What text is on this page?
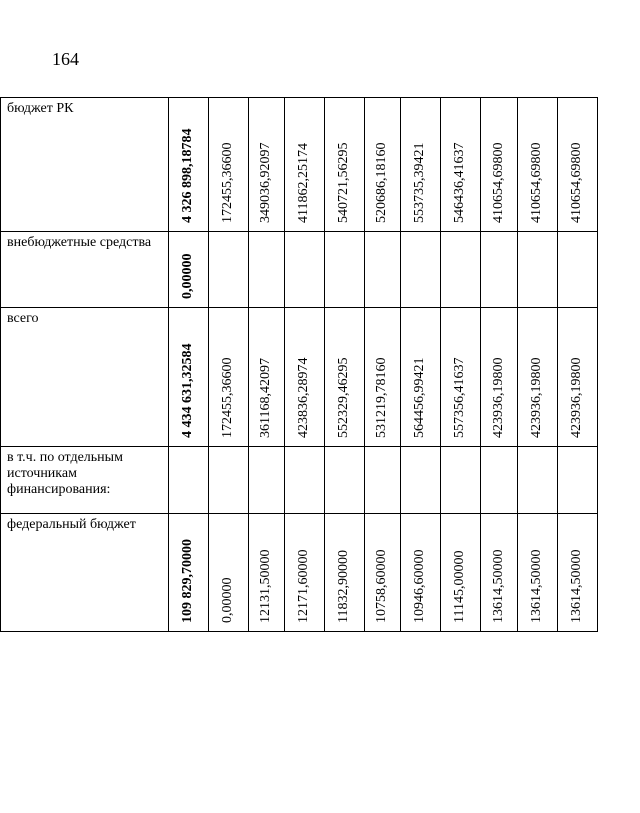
164
бюджет РК
4 326 898,18784 172455,36600 349036,92097 411862,25174 540721,56295 520686,18160 553735,39421 546436,41637 410654,69800 410654,69800 410654,69800
внебюджетные средства
0,00000
всего
4 434 631,32584 172455,36600 361168,42097 423836,28974 552329,46295 531219,78160 564456,99421 557356,41637 423936,19800 423936,19800 423936,19800
в т.ч. по отдельным источникам финансирования:
федеральный бюджет
109 829,70000 0,00000 12131,50000 12171,60000 11832,90000 10758,60000 10946,60000 11145,00000 13614,50000 13614,50000 13614,50000
